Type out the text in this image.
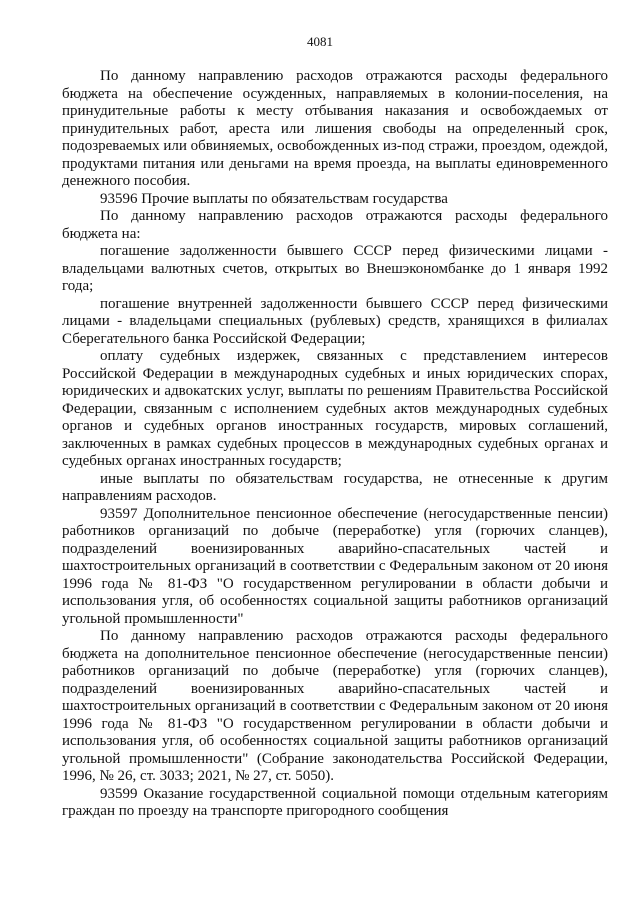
4081

По данному направлению расходов отражаются расходы федерального бюджета на обеспечение осужденных, направляемых в колонии-поселения, на принудительные работы к месту отбывания наказания и освобождаемых от принудительных работ, ареста или лишения свободы на определенный срок, подозреваемых или обвиняемых, освобожденных из-под стражи, проездом, одеждой, продуктами питания или деньгами на время проезда, на выплаты единовременного денежного пособия.

93596 Прочие выплаты по обязательствам государства

По данному направлению расходов отражаются расходы федерального бюджета на:

погашение задолженности бывшего СССР перед физическими лицами - владельцами валютных счетов, открытых во Внешэкономбанке до 1 января 1992 года;

погашение внутренней задолженности бывшего СССР перед физическими лицами - владельцами специальных (рублевых) средств, хранящихся в филиалах Сберегательного банка Российской Федерации;

оплату судебных издержек, связанных с представлением интересов Российской Федерации в международных судебных и иных юридических спорах, юридических и адвокатских услуг, выплаты по решениям Правительства Российской Федерации, связанным с исполнением судебных актов международных судебных органов и судебных органов иностранных государств, мировых соглашений, заключенных в рамках судебных процессов в международных судебных органах и судебных органах иностранных государств;

иные выплаты по обязательствам государства, не отнесенные к другим направлениям расходов.

93597 Дополнительное пенсионное обеспечение (негосударственные пенсии) работников организаций по добыче (переработке) угля (горючих сланцев), подразделений военизированных аварийно-спасательных частей и шахтостроительных организаций в соответствии с Федеральным законом от 20 июня 1996 года № 81-ФЗ "О государственном регулировании в области добычи и использования угля, об особенностях социальной защиты работников организаций угольной промышленности"

По данному направлению расходов отражаются расходы федерального бюджета на дополнительное пенсионное обеспечение (негосударственные пенсии) работников организаций по добыче (переработке) угля (горючих сланцев), подразделений военизированных аварийно-спасательных частей и шахтостроительных организаций в соответствии с Федеральным законом от 20 июня 1996 года № 81-ФЗ "О государственном регулировании в области добычи и использования угля, об особенностях социальной защиты работников организаций угольной промышленности" (Собрание законодательства Российской Федерации, 1996, № 26, ст. 3033; 2021, № 27, ст. 5050).

93599 Оказание государственной социальной помощи отдельным категориям граждан по проезду на транспорте пригородного сообщения
